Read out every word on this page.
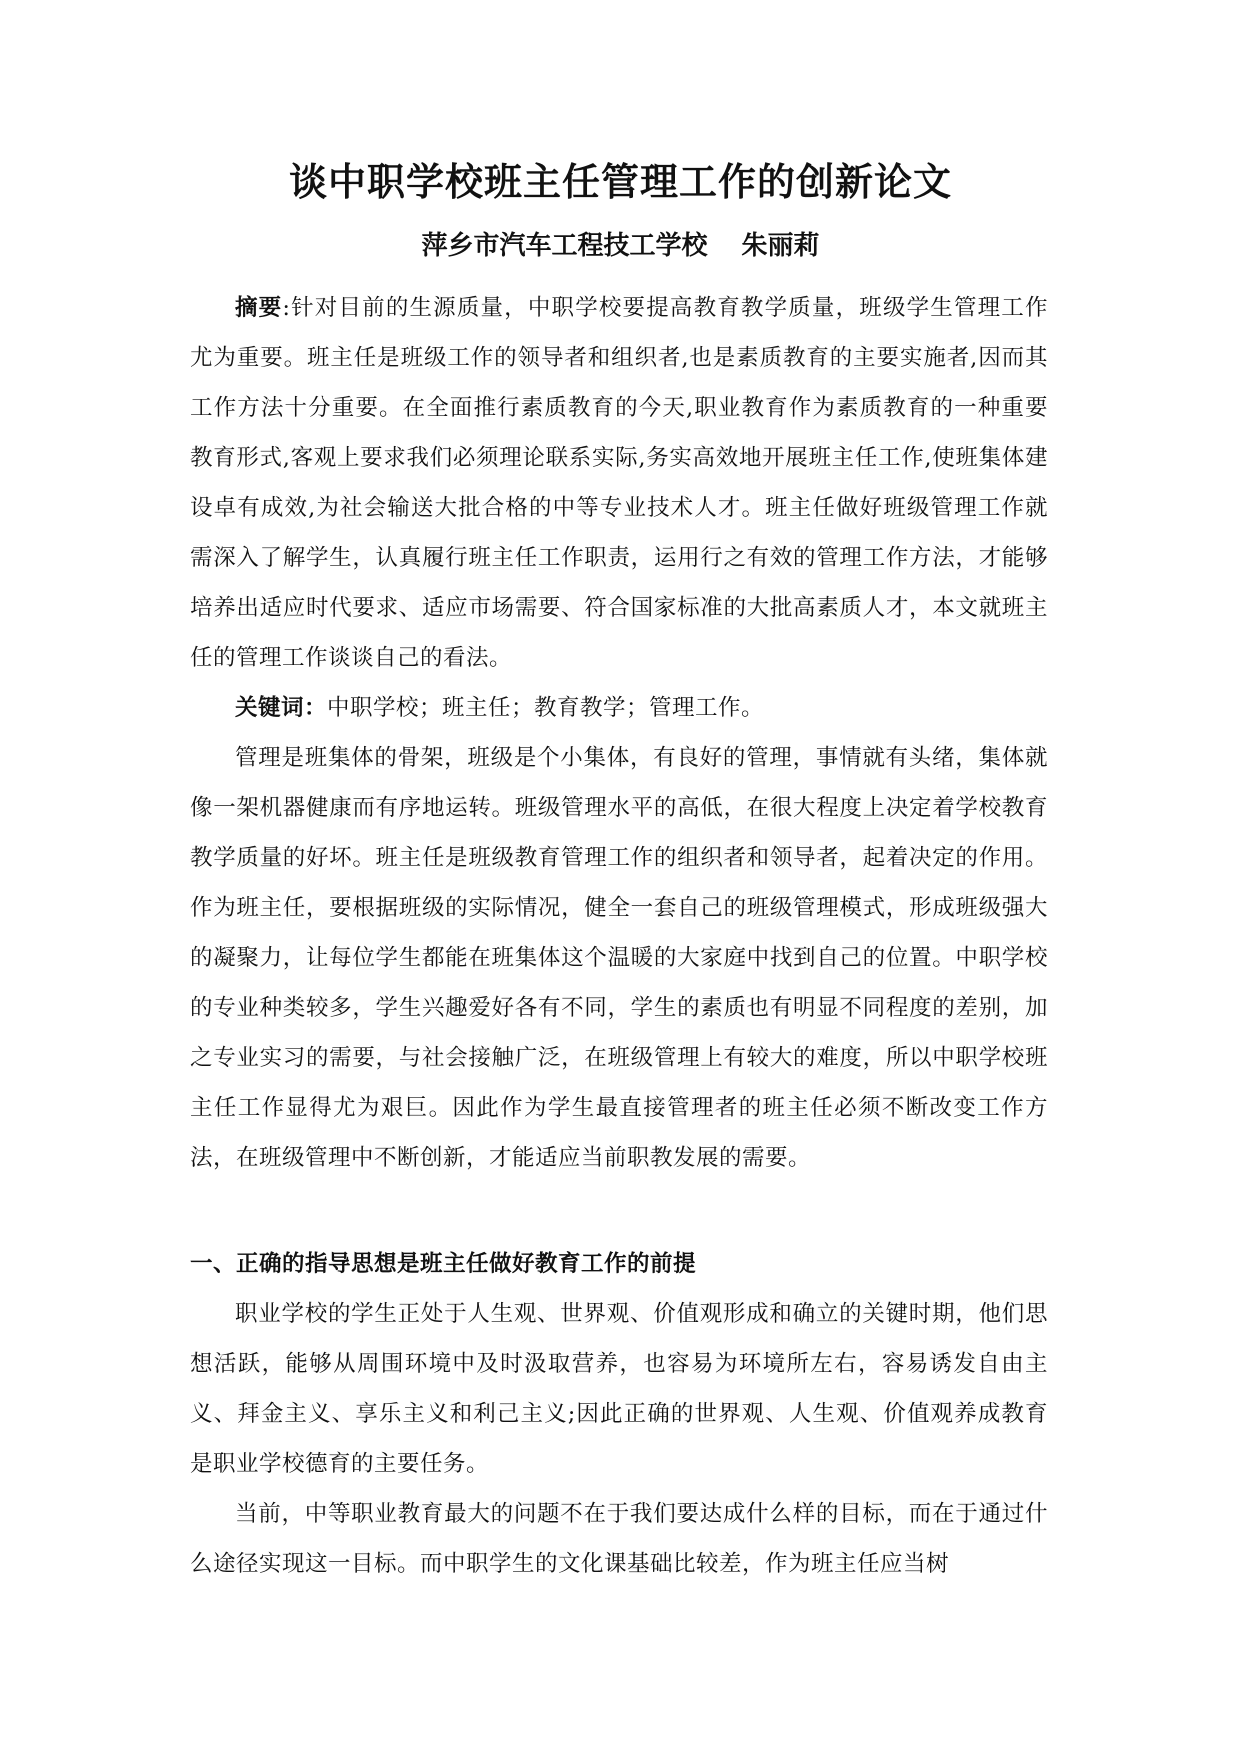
谈中职学校班主任管理工作的创新论文

萍乡市汽车工程技工学校 朱丽莉

摘要:针对目前的生源质量，中职学校要提高教育教学质量，班级学生管理工作尤为重要。班主任是班级工作的领导者和组织者,也是素质教育的主要实施者,因而其工作方法十分重要。在全面推行素质教育的今天,职业教育作为素质教育的一种重要教育形式,客观上要求我们必须理论联系实际,务实高效地开展班主任工作,使班集体建设卓有成效,为社会输送大批合格的中等专业技术人才。班主任做好班级管理工作就需深入了解学生，认真履行班主任工作职责，运用行之有效的管理工作方法，才能够培养出适应时代要求、适应市场需要、符合国家标准的大批高素质人才，本文就班主任的管理工作谈谈自己的看法。

关键词：中职学校；班主任；教育教学；管理工作。

管理是班集体的骨架，班级是个小集体，有良好的管理，事情就有头绪，集体就像一架机器健康而有序地运转。班级管理水平的高低，在很大程度上决定着学校教育教学质量的好坏。班主任是班级教育管理工作的组织者和领导者，起着决定的作用。作为班主任，要根据班级的实际情况，健全一套自己的班级管理模式，形成班级强大的凝聚力，让每位学生都能在班集体这个温暖的大家庭中找到自己的位置。中职学校的专业种类较多，学生兴趣爱好各有不同，学生的素质也有明显不同程度的差别，加之专业实习的需要，与社会接触广泛，在班级管理上有较大的难度，所以中职学校班主任工作显得尤为艰巨。因此作为学生最直接管理者的班主任必须不断改变工作方法，在班级管理中不断创新，才能适应当前职教发展的需要。

一、正确的指导思想是班主任做好教育工作的前提

职业学校的学生正处于人生观、世界观、价值观形成和确立的关键时期，他们思想活跃，能够从周围环境中及时汲取营养，也容易为环境所左右，容易诱发自由主义、拜金主义、享乐主义和利己主义;因此正确的世界观、人生观、价值观养成教育是职业学校德育的主要任务。

当前，中等职业教育最大的问题不在于我们要达成什么样的目标，而在于通过什么途径实现这一目标。而中职学生的文化课基础比较差，作为班主任应当树
